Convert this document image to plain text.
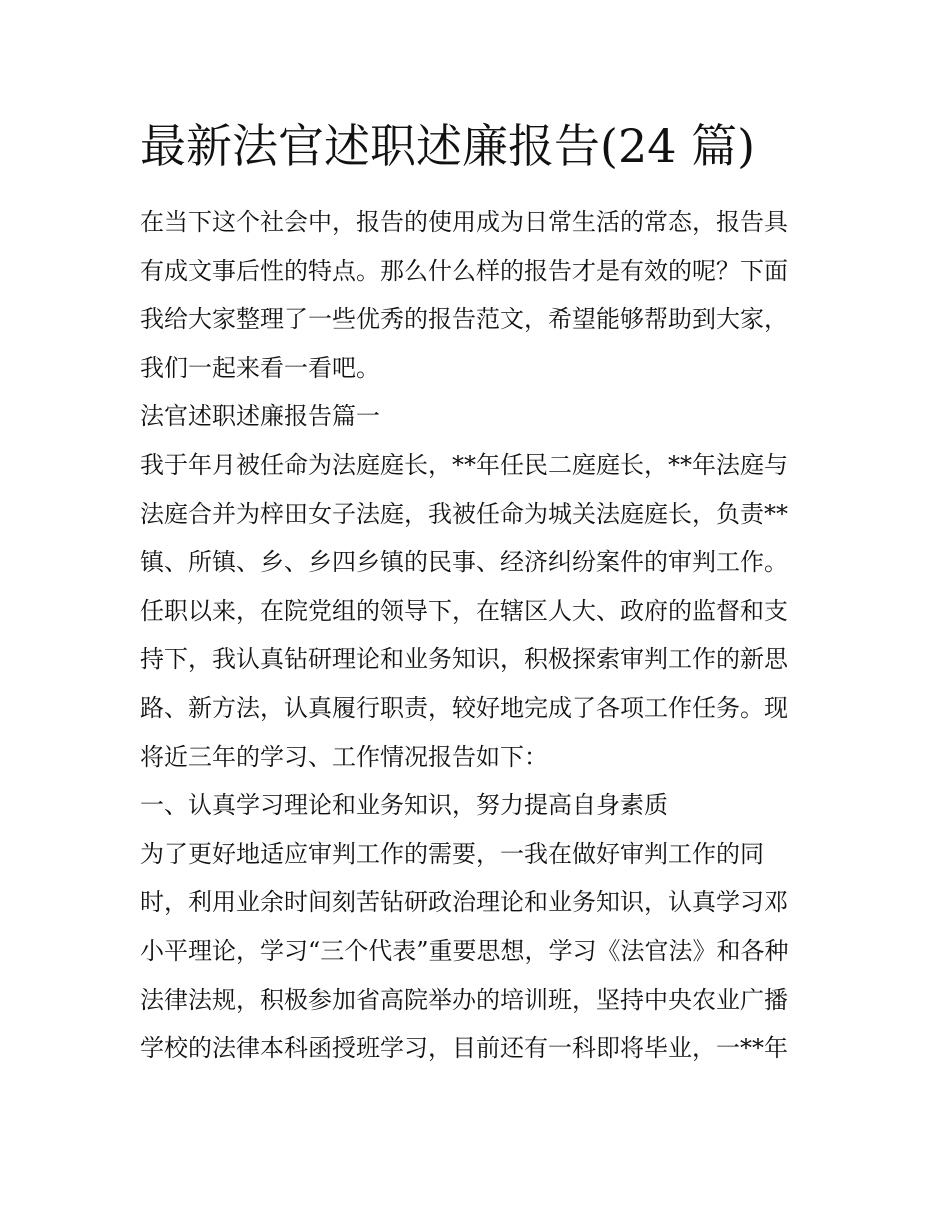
最新法官述职述廉报告(24 篇)

在当下这个社会中，报告的使用成为日常生活的常态，报告具

有成文事后性的特点。那么什么样的报告才是有效的呢？下面

我给大家整理了一些优秀的报告范文，希望能够帮助到大家，

我们一起来看一看吧。

法官述职述廉报告篇一

我于年月被任命为法庭庭长，**年任民二庭庭长，**年法庭与

法庭合并为梓田女子法庭，我被任命为城关法庭庭长，负责**

镇、所镇、乡、乡四乡镇的民事、经济纠纷案件的审判工作。

任职以来，在院党组的领导下，在辖区人大、政府的监督和支

持下，我认真钻研理论和业务知识，积极探索审判工作的新思

路、新方法，认真履行职责，较好地完成了各项工作任务。现

将近三年的学习、工作情况报告如下：

一、认真学习理论和业务知识，努力提高自身素质

为了更好地适应审判工作的需要，一我在做好审判工作的同

时，利用业余时间刻苦钻研政治理论和业务知识，认真学习邓

小平理论，学习“三个代表”重要思想，学习《法官法》和各种

法律法规，积极参加省高院举办的培训班，坚持中央农业广播

学校的法律本科函授班学习，目前还有一科即将毕业，一**年
